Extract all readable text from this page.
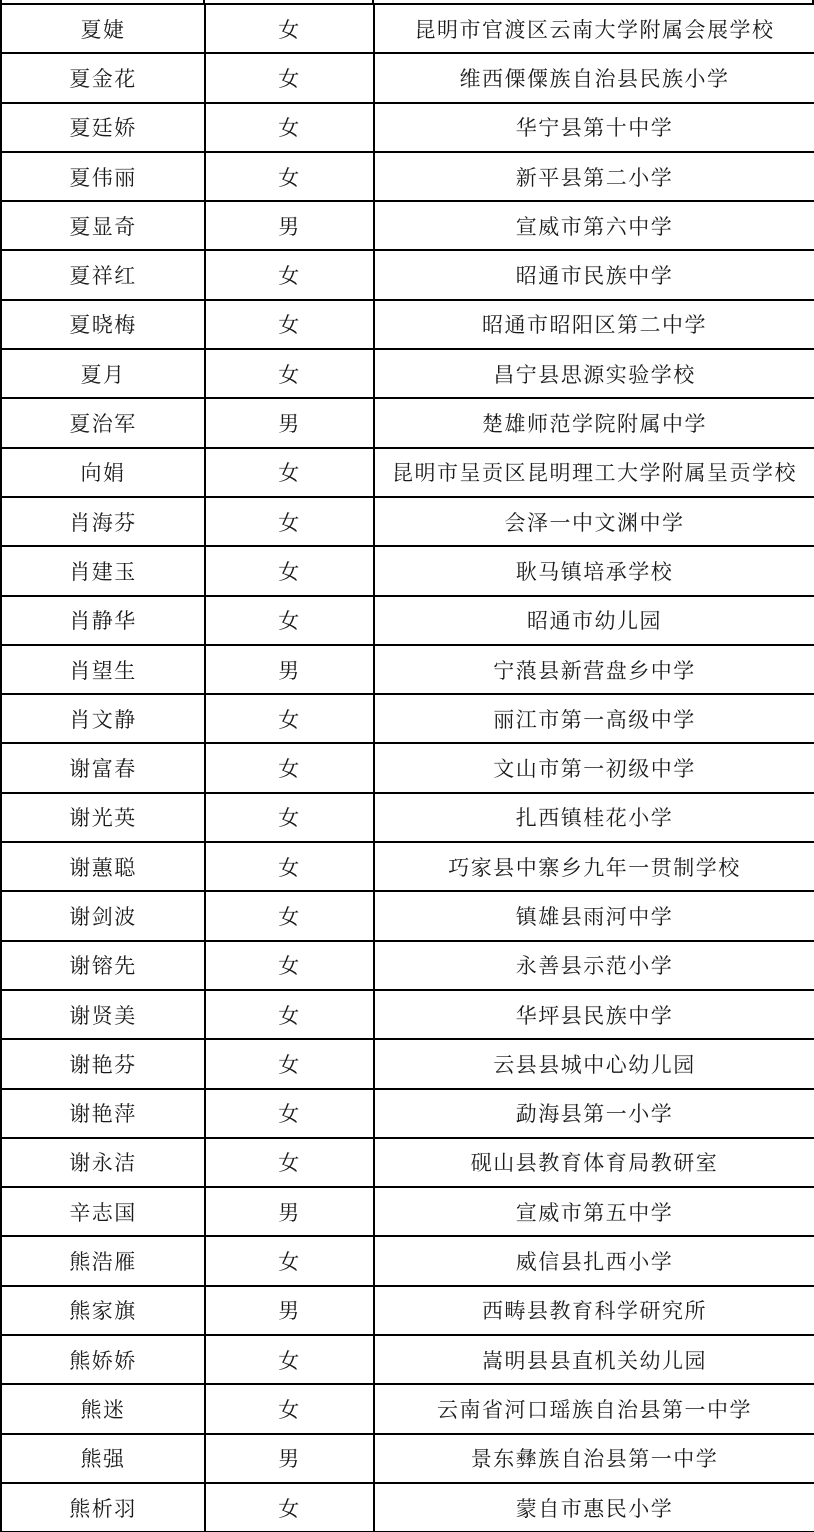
夏婕	女	昆明市官渡区云南大学附属会展学校
夏金花	女	维西傈僳族自治县民族小学
夏廷娇	女	华宁县第十中学
夏伟丽	女	新平县第二小学
夏显奇	男	宣威市第六中学
夏祥红	女	昭通市民族中学
夏晓梅	女	昭通市昭阳区第二中学
夏月	女	昌宁县思源实验学校
夏治军	男	楚雄师范学院附属中学
向娟	女	昆明市呈贡区昆明理工大学附属呈贡学校
肖海芬	女	会泽一中文渊中学
肖建玉	女	耿马镇培承学校
肖静华	女	昭通市幼儿园
肖望生	男	宁蒗县新营盘乡中学
肖文静	女	丽江市第一高级中学
谢富春	女	文山市第一初级中学
谢光英	女	扎西镇桂花小学
谢蕙聪	女	巧家县中寨乡九年一贯制学校
谢剑波	女	镇雄县雨河中学
谢镕先	女	永善县示范小学
谢贤美	女	华坪县民族中学
谢艳芬	女	云县县城中心幼儿园
谢艳萍	女	勐海县第一小学
谢永洁	女	砚山县教育体育局教研室
辛志国	男	宣威市第五中学
熊浩雁	女	威信县扎西小学
熊家旗	男	西畴县教育科学研究所
熊娇娇	女	嵩明县县直机关幼儿园
熊迷	女	云南省河口瑶族自治县第一中学
熊强	男	景东彝族自治县第一中学
熊析羽	女	蒙自市惠民小学
